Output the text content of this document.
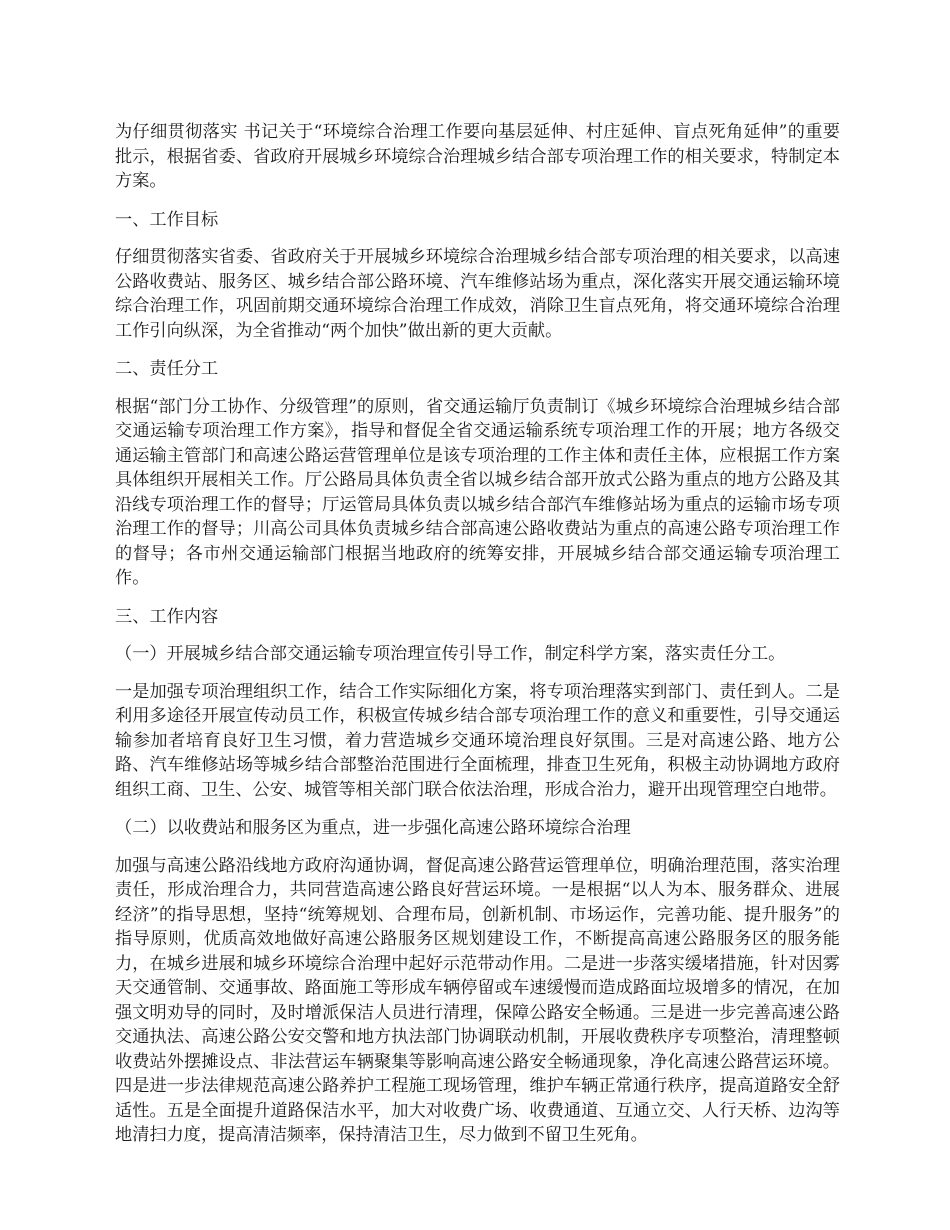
为仔细贯彻落实 书记关于“环境综合治理工作要向基层延伸、村庄延伸、盲点死角延伸”的重要批示，根据省委、省政府开展城乡环境综合治理城乡结合部专项治理工作的相关要求，特制定本方案。

一、工作目标

仔细贯彻落实省委、省政府关于开展城乡环境综合治理城乡结合部专项治理的相关要求，以高速公路收费站、服务区、城乡结合部公路环境、汽车维修站场为重点，深化落实开展交通运输环境综合治理工作，巩固前期交通环境综合治理工作成效，消除卫生盲点死角，将交通环境综合治理工作引向纵深，为全省推动“两个加快”做出新的更大贡献。

二、责任分工

根据“部门分工协作、分级管理”的原则，省交通运输厅负责制订《城乡环境综合治理城乡结合部交通运输专项治理工作方案》，指导和督促全省交通运输系统专项治理工作的开展；地方各级交通运输主管部门和高速公路运营管理单位是该专项治理的工作主体和责任主体，应根据工作方案具体组织开展相关工作。厅公路局具体负责全省以城乡结合部开放式公路为重点的地方公路及其沿线专项治理工作的督导；厅运管局具体负责以城乡结合部汽车维修站场为重点的运输市场专项治理工作的督导；川高公司具体负责城乡结合部高速公路收费站为重点的高速公路专项治理工作的督导；各市州交通运输部门根据当地政府的统筹安排，开展城乡结合部交通运输专项治理工作。

三、工作内容

（一）开展城乡结合部交通运输专项治理宣传引导工作，制定科学方案，落实责任分工。

一是加强专项治理组织工作，结合工作实际细化方案，将专项治理落实到部门、责任到人。二是利用多途径开展宣传动员工作，积极宣传城乡结合部专项治理工作的意义和重要性，引导交通运输参加者培育良好卫生习惯，着力营造城乡交通环境治理良好氛围。三是对高速公路、地方公路、汽车维修站场等城乡结合部整治范围进行全面梳理，排查卫生死角，积极主动协调地方政府组织工商、卫生、公安、城管等相关部门联合依法治理，形成合治力，避开出现管理空白地带。

（二）以收费站和服务区为重点，进一步强化高速公路环境综合治理

加强与高速公路沿线地方政府沟通协调，督促高速公路营运管理单位，明确治理范围，落实治理责任，形成治理合力，共同营造高速公路良好营运环境。一是根据“以人为本、服务群众、进展经济”的指导思想，坚持“统筹规划、合理布局，创新机制、市场运作，完善功能、提升服务”的指导原则，优质高效地做好高速公路服务区规划建设工作，不断提高高速公路服务区的服务能力，在城乡进展和城乡环境综合治理中起好示范带动作用。二是进一步落实缓堵措施，针对因雾天交通管制、交通事故、路面施工等形成车辆停留或车速缓慢而造成路面垃圾增多的情况，在加强文明劝导的同时，及时增派保洁人员进行清理，保障公路安全畅通。三是进一步完善高速公路交通执法、高速公路公安交警和地方执法部门协调联动机制，开展收费秩序专项整治，清理整顿收费站外摆摊设点、非法营运车辆聚集等影响高速公路安全畅通现象，净化高速公路营运环境。四是进一步法律规范高速公路养护工程施工现场管理，维护车辆正常通行秩序，提高道路安全舒适性。五是全面提升道路保洁水平，加大对收费广场、收费通道、互通立交、人行天桥、边沟等地清扫力度，提高清洁频率，保持清洁卫生，尽力做到不留卫生死角。
